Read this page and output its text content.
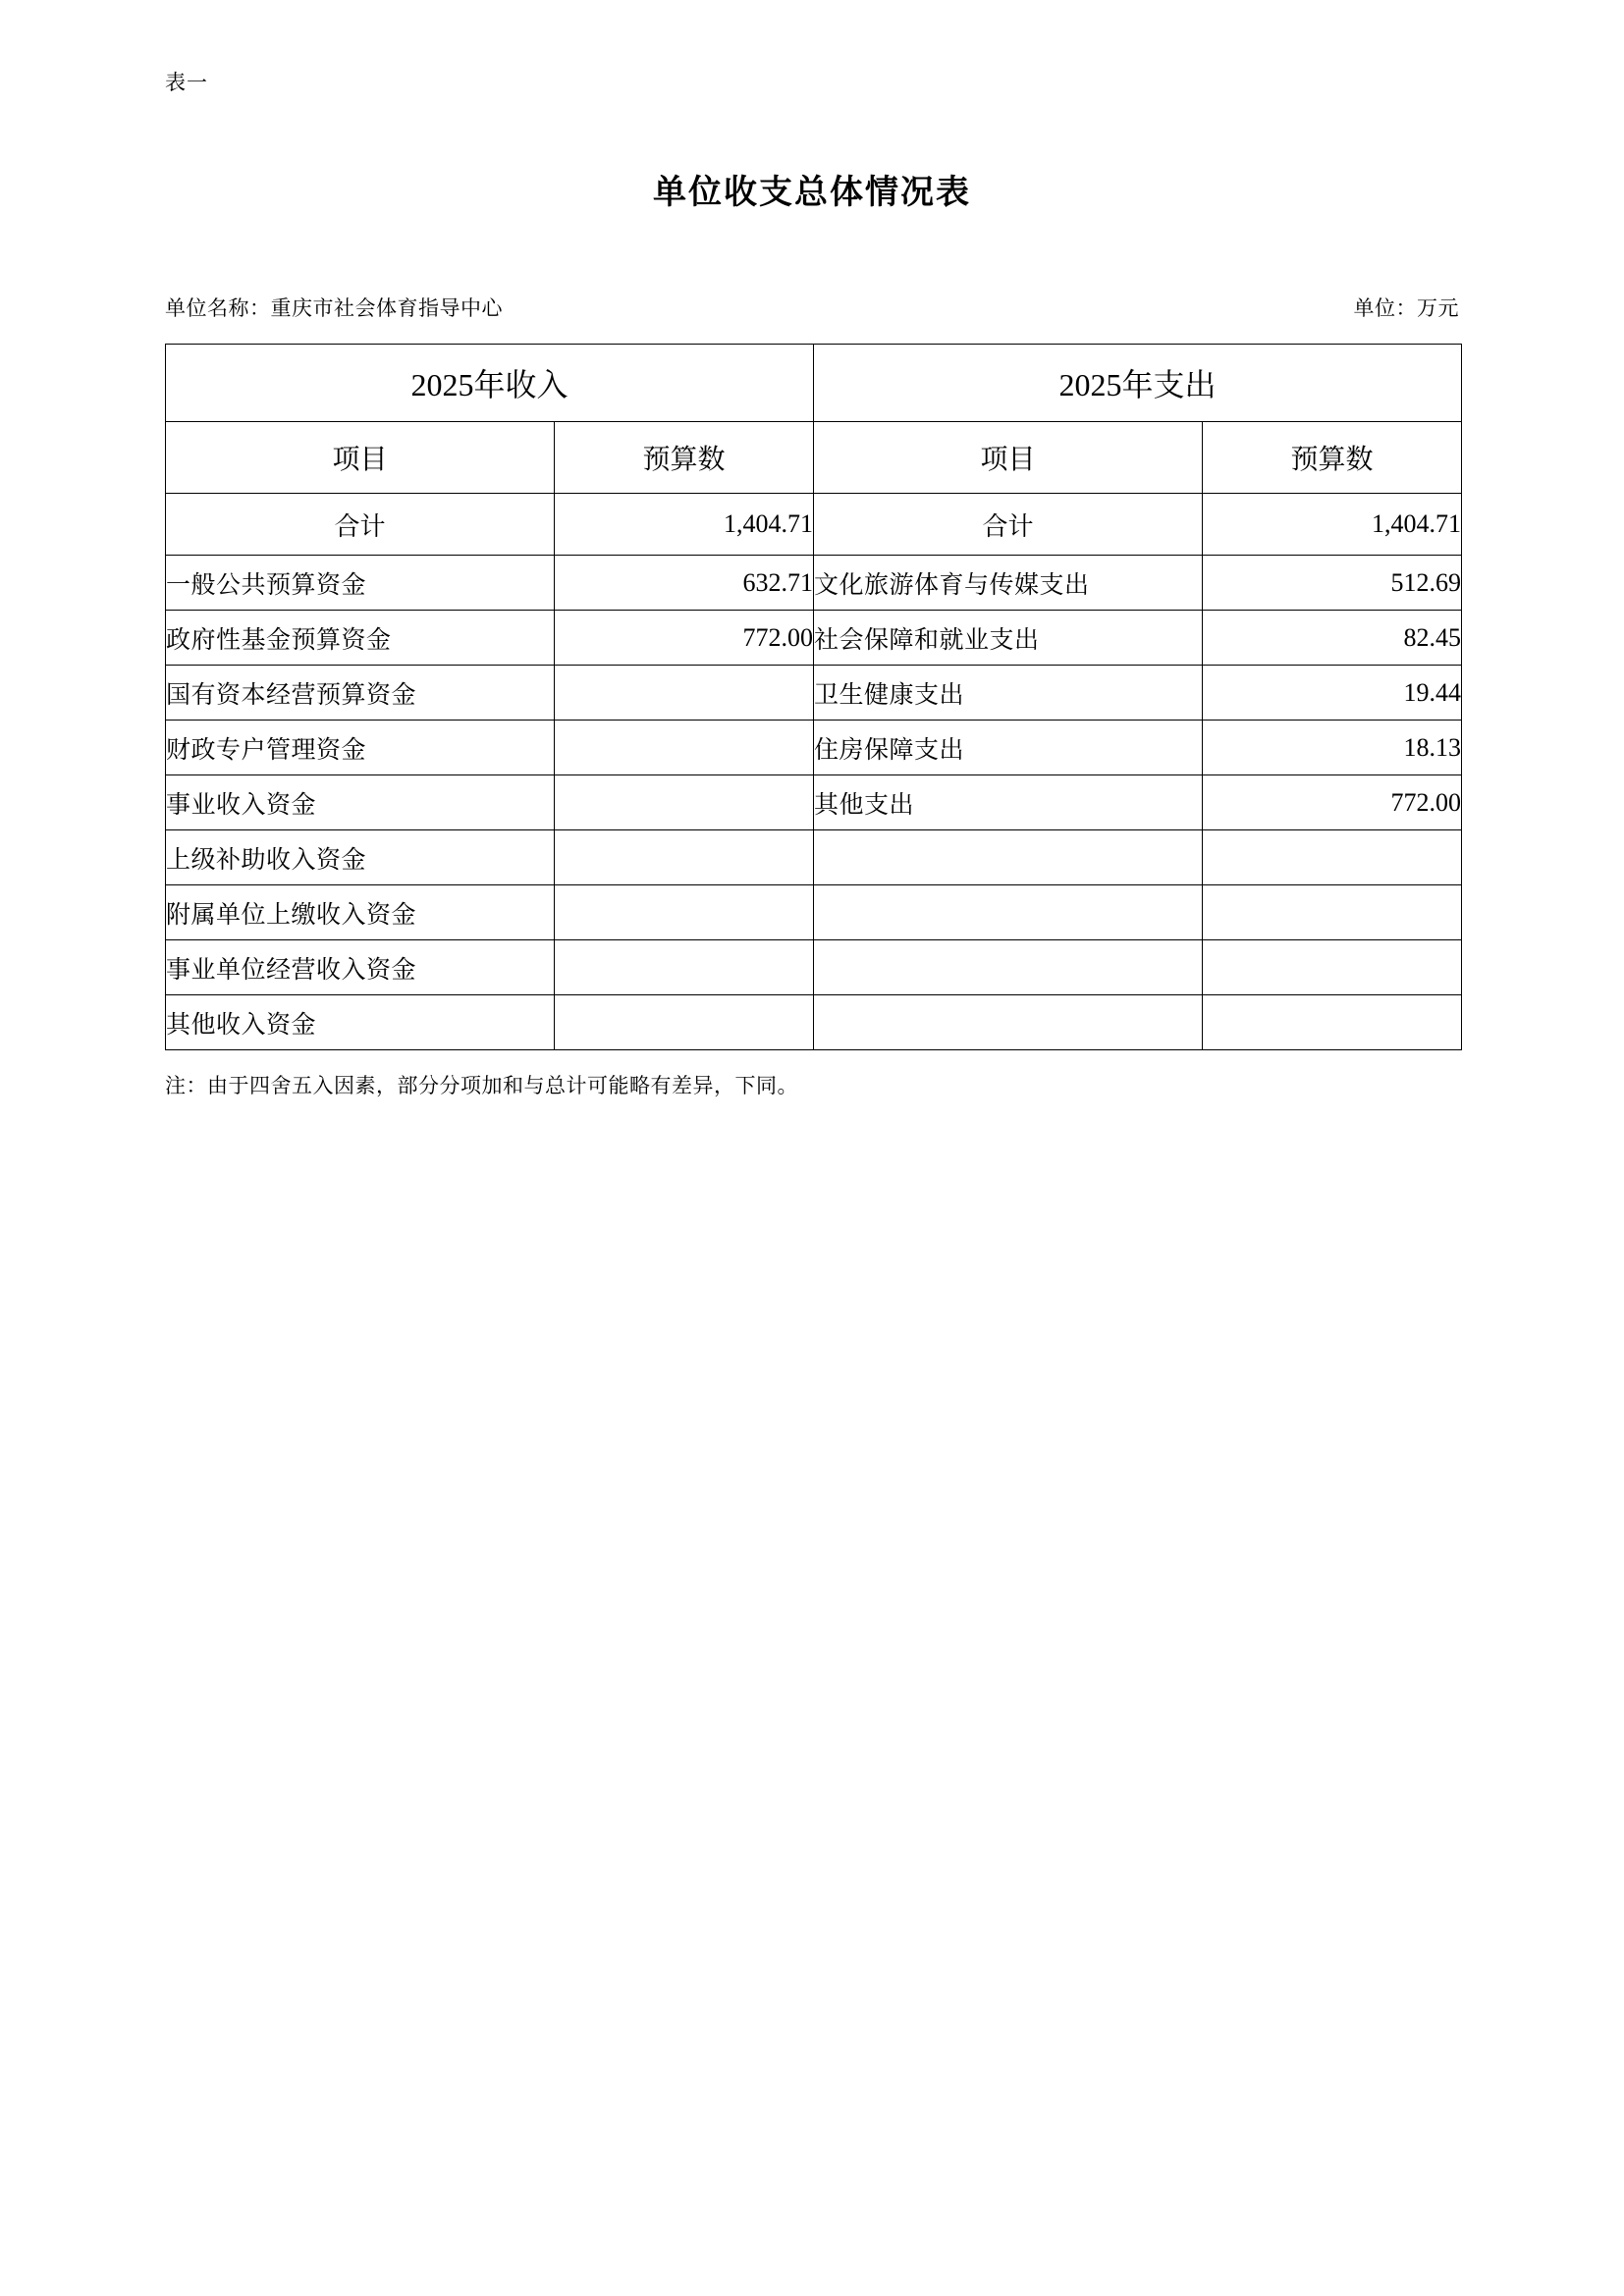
表一
单位收支总体情况表
单位名称：重庆市社会体育指导中心	单位：万元
2025年收入		2025年支出	
项目	预算数	项目	预算数
合计	1,404.71	合计	1,404.71
一般公共预算资金	632.71	文化旅游体育与传媒支出	512.69
政府性基金预算资金	772.00	社会保障和就业支出	82.45
国有资本经营预算资金		卫生健康支出	19.44
财政专户管理资金		住房保障支出	18.13
事业收入资金		其他支出	772.00
上级补助收入资金			
附属单位上缴收入资金			
事业单位经营收入资金			
其他收入资金			
注：由于四舍五入因素，部分分项加和与总计可能略有差异，下同。
